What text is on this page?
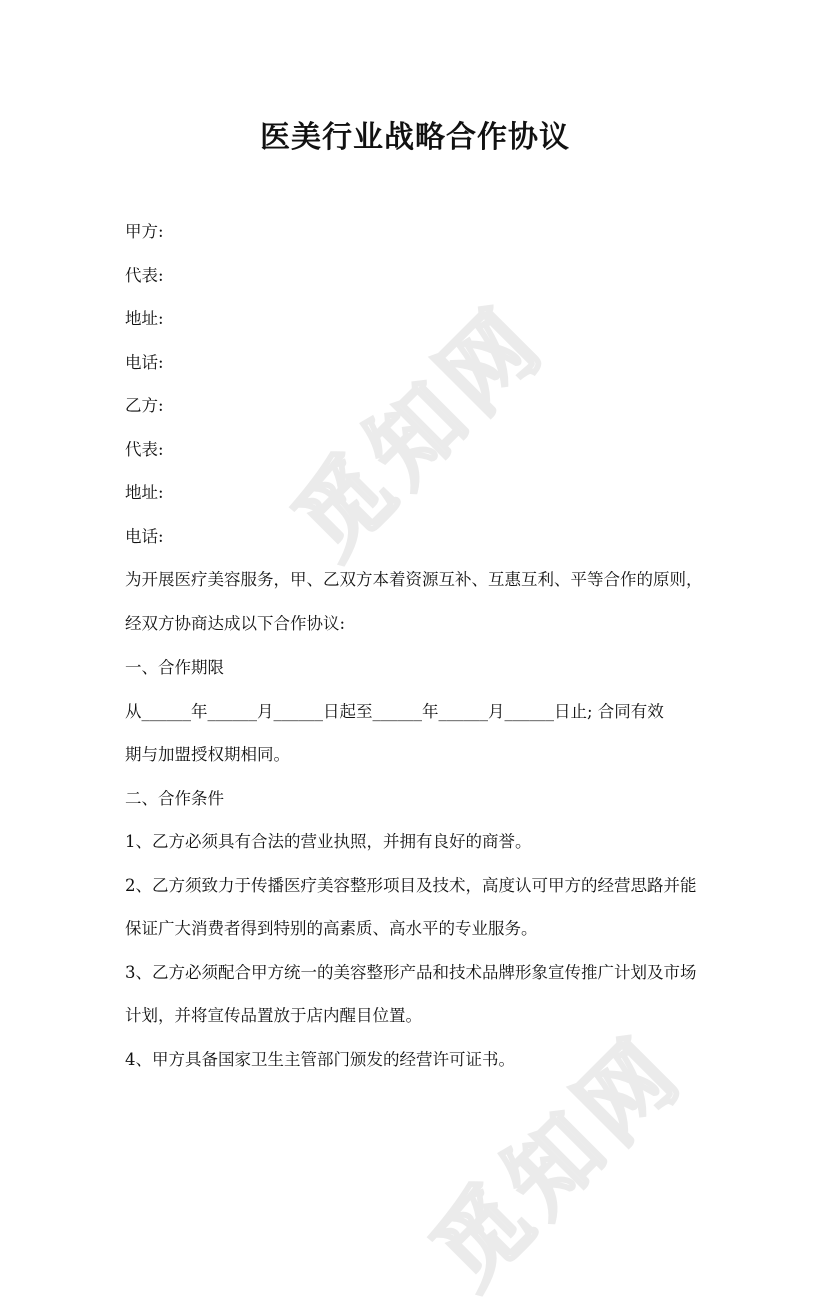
觅知网
觅知网
医美行业战略合作协议

甲方:

代表:

地址:

电话:

乙方:

代表:

地址:

电话:

为开展医疗美容服务，甲、乙双方本着资源互补、互惠互利、平等合作的原则，

经双方协商达成以下合作协议:

一、合作期限

从______年______月______日起至______年______月______日止; 合同有效

期与加盟授权期相同。

二、合作条件

1、乙方必须具有合法的营业执照，并拥有良好的商誉。

2、乙方须致力于传播医疗美容整形项目及技术，高度认可甲方的经营思路并能

保证广大消费者得到特别的高素质、高水平的专业服务。

3、乙方必须配合甲方统一的美容整形产品和技术品牌形象宣传推广计划及市场

计划，并将宣传品置放于店内醒目位置。

4、甲方具备国家卫生主管部门颁发的经营许可证书。
